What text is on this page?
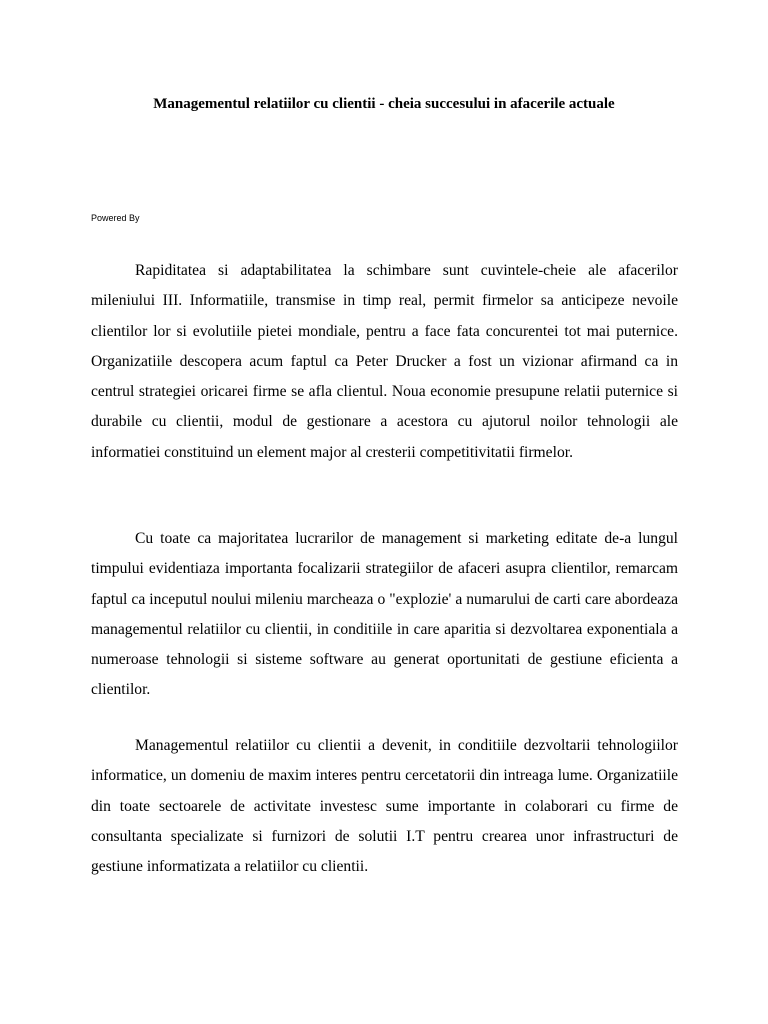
Managementul relatiilor cu clientii - cheia succesului in afacerile actuale
Powered By

Rapiditatea si adaptabilitatea la schimbare sunt cuvintele-cheie ale afacerilor mileniului III. Informatiile, transmise in timp real, permit firmelor sa anticipeze nevoile clientilor lor si evolutiile pietei mondiale, pentru a face fata concurentei tot mai puternice. Organizatiile descopera acum faptul ca Peter Drucker a fost un vizionar afirmand ca in centrul strategiei oricarei firme se afla clientul. Noua economie presupune relatii puternice si durabile cu clientii, modul de gestionare a acestora cu ajutorul noilor tehnologii ale informatiei constituind un element major al cresterii competitivitatii firmelor.

Cu toate ca majoritatea lucrarilor de management si marketing editate de-a lungul timpului evidentiaza importanta focalizarii strategiilor de afaceri asupra clientilor, remarcam faptul ca inceputul noului mileniu marcheaza o "explozie' a numarului de carti care abordeaza managementul relatiilor cu clientii, in conditiile in care aparitia si dezvoltarea exponentiala a numeroase tehnologii si sisteme software au generat oportunitati de gestiune eficienta a clientilor.

Managementul relatiilor cu clientii a devenit, in conditiile dezvoltarii tehnologiilor informatice, un domeniu de maxim interes pentru cercetatorii din intreaga lume. Organizatiile din toate sectoarele de activitate investesc sume importante in colaborari cu firme de consultanta specializate si furnizori de solutii I.T pentru crearea unor infrastructuri de gestiune informatizata a relatiilor cu clientii.
